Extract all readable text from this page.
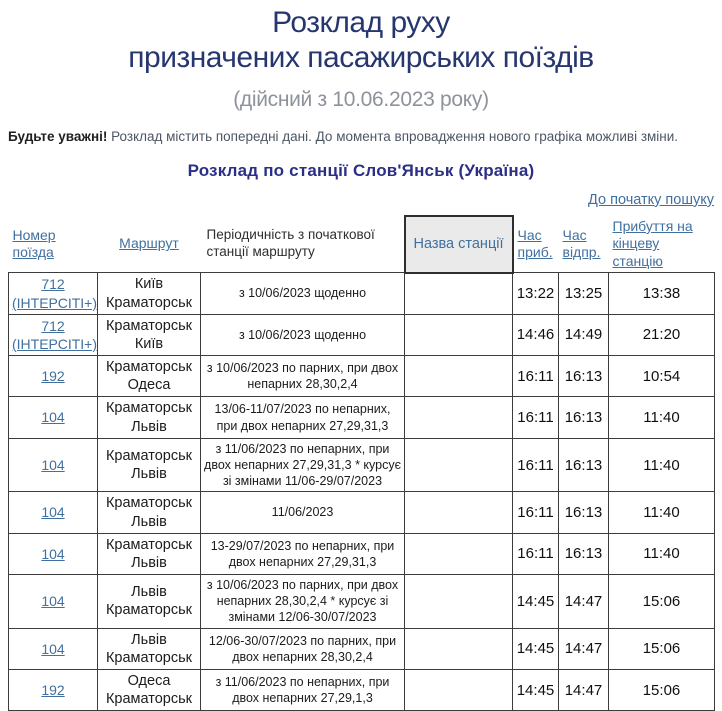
Розклад руху
призначених пасажирських поїздів
(дійсний з 10.06.2023 року)
Будьте уважні! Розклад містить попередні дані. До момента впровадження нового графіка можливі зміни.
Розклад по станції Слов'Янськ (Україна)
До початку пошуку
Номер поїзда	Маршрут	Періодичність з початкової станції маршруту	Назва станції	Час
приб.	Час
відпр.	Прибуття на
кінцеву станцію

712
(ІНТЕРСІТІ+)	Київ
Краматорськ	з 10/06/2023 щоденно		13:22	13:25	13:38

712
(ІНТЕРСІТІ+)	Краматорськ
Київ	з 10/06/2023 щоденно		14:46	14:49	21:20

192	Краматорськ
Одеса	з 10/06/2023 по парних, при двох непарних 28,30,2,4		16:11	16:13	10:54

104	Краматорськ
Львів	13/06-11/07/2023 по непарних, при двох непарних 27,29,31,3		16:11	16:13	11:40

104	Краматорськ
Львів	з 11/06/2023 по непарних, при двох непарних 27,29,31,3 * курсує зі змінами 11/06-29/07/2023		16:11	16:13	11:40

104	Краматорськ
Львів	11/06/2023		16:11	16:13	11:40

104	Краматорськ
Львів	13-29/07/2023 по непарних, при двох непарних 27,29,31,3		16:11	16:13	11:40

104	Львів
Краматорськ	з 10/06/2023 по парних, при двох непарних 28,30,2,4 * курсує зі змінами 12/06-30/07/2023		14:45	14:47	15:06

104	Львів
Краматорськ	12/06-30/07/2023 по парних, при двох непарних 28,30,2,4		14:45	14:47	15:06

192	Одеса
Краматорськ	з 11/06/2023 по непарних, при двох непарних 27,29,1,3		14:45	14:47	15:06
